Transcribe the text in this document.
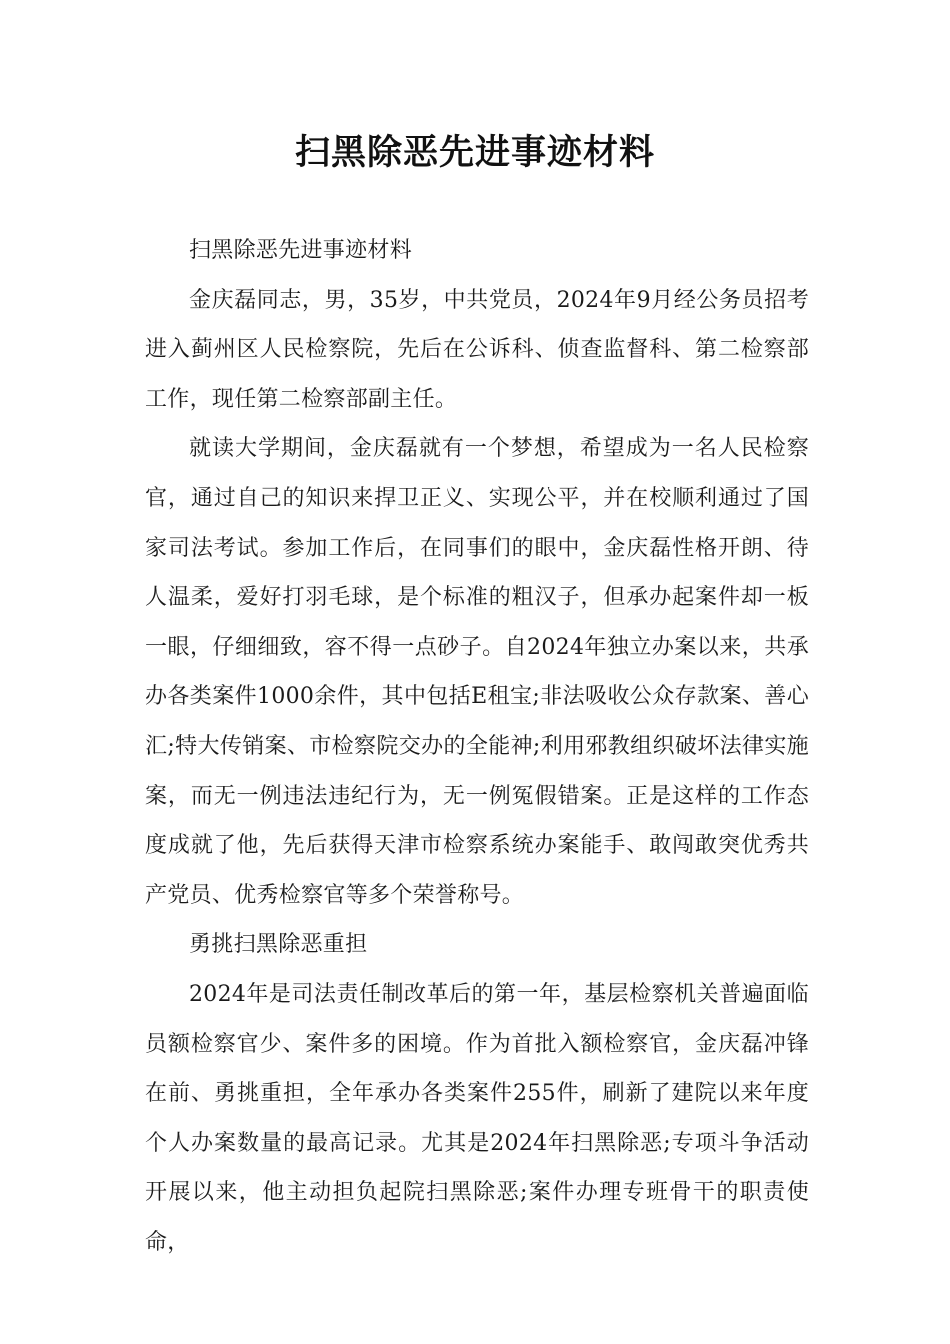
扫黑除恶先进事迹材料

扫黑除恶先进事迹材料

金庆磊同志，男，35岁，中共党员，2024年9月经公务员招考进入蓟州区人民检察院，先后在公诉科、侦查监督科、第二检察部工作，现任第二检察部副主任。

就读大学期间，金庆磊就有一个梦想，希望成为一名人民检察官，通过自己的知识来捍卫正义、实现公平，并在校顺利通过了国家司法考试。参加工作后，在同事们的眼中，金庆磊性格开朗、待人温柔，爱好打羽毛球，是个标准的粗汉子，但承办起案件却一板一眼，仔细细致，容不得一点砂子。自2024年独立办案以来，共承办各类案件1000余件，其中包括E租宝;非法吸收公众存款案、善心汇;特大传销案、市检察院交办的全能神;利用邪教组织破坏法律实施案，而无一例违法违纪行为，无一例冤假错案。正是这样的工作态度成就了他，先后获得天津市检察系统办案能手、敢闯敢突优秀共产党员、优秀检察官等多个荣誉称号。

勇挑扫黑除恶重担

2024年是司法责任制改革后的第一年，基层检察机关普遍面临员额检察官少、案件多的困境。作为首批入额检察官，金庆磊冲锋在前、勇挑重担，全年承办各类案件255件，刷新了建院以来年度个人办案数量的最高记录。尤其是2024年扫黑除恶;专项斗争活动开展以来，他主动担负起院扫黑除恶;案件办理专班骨干的职责使命，
